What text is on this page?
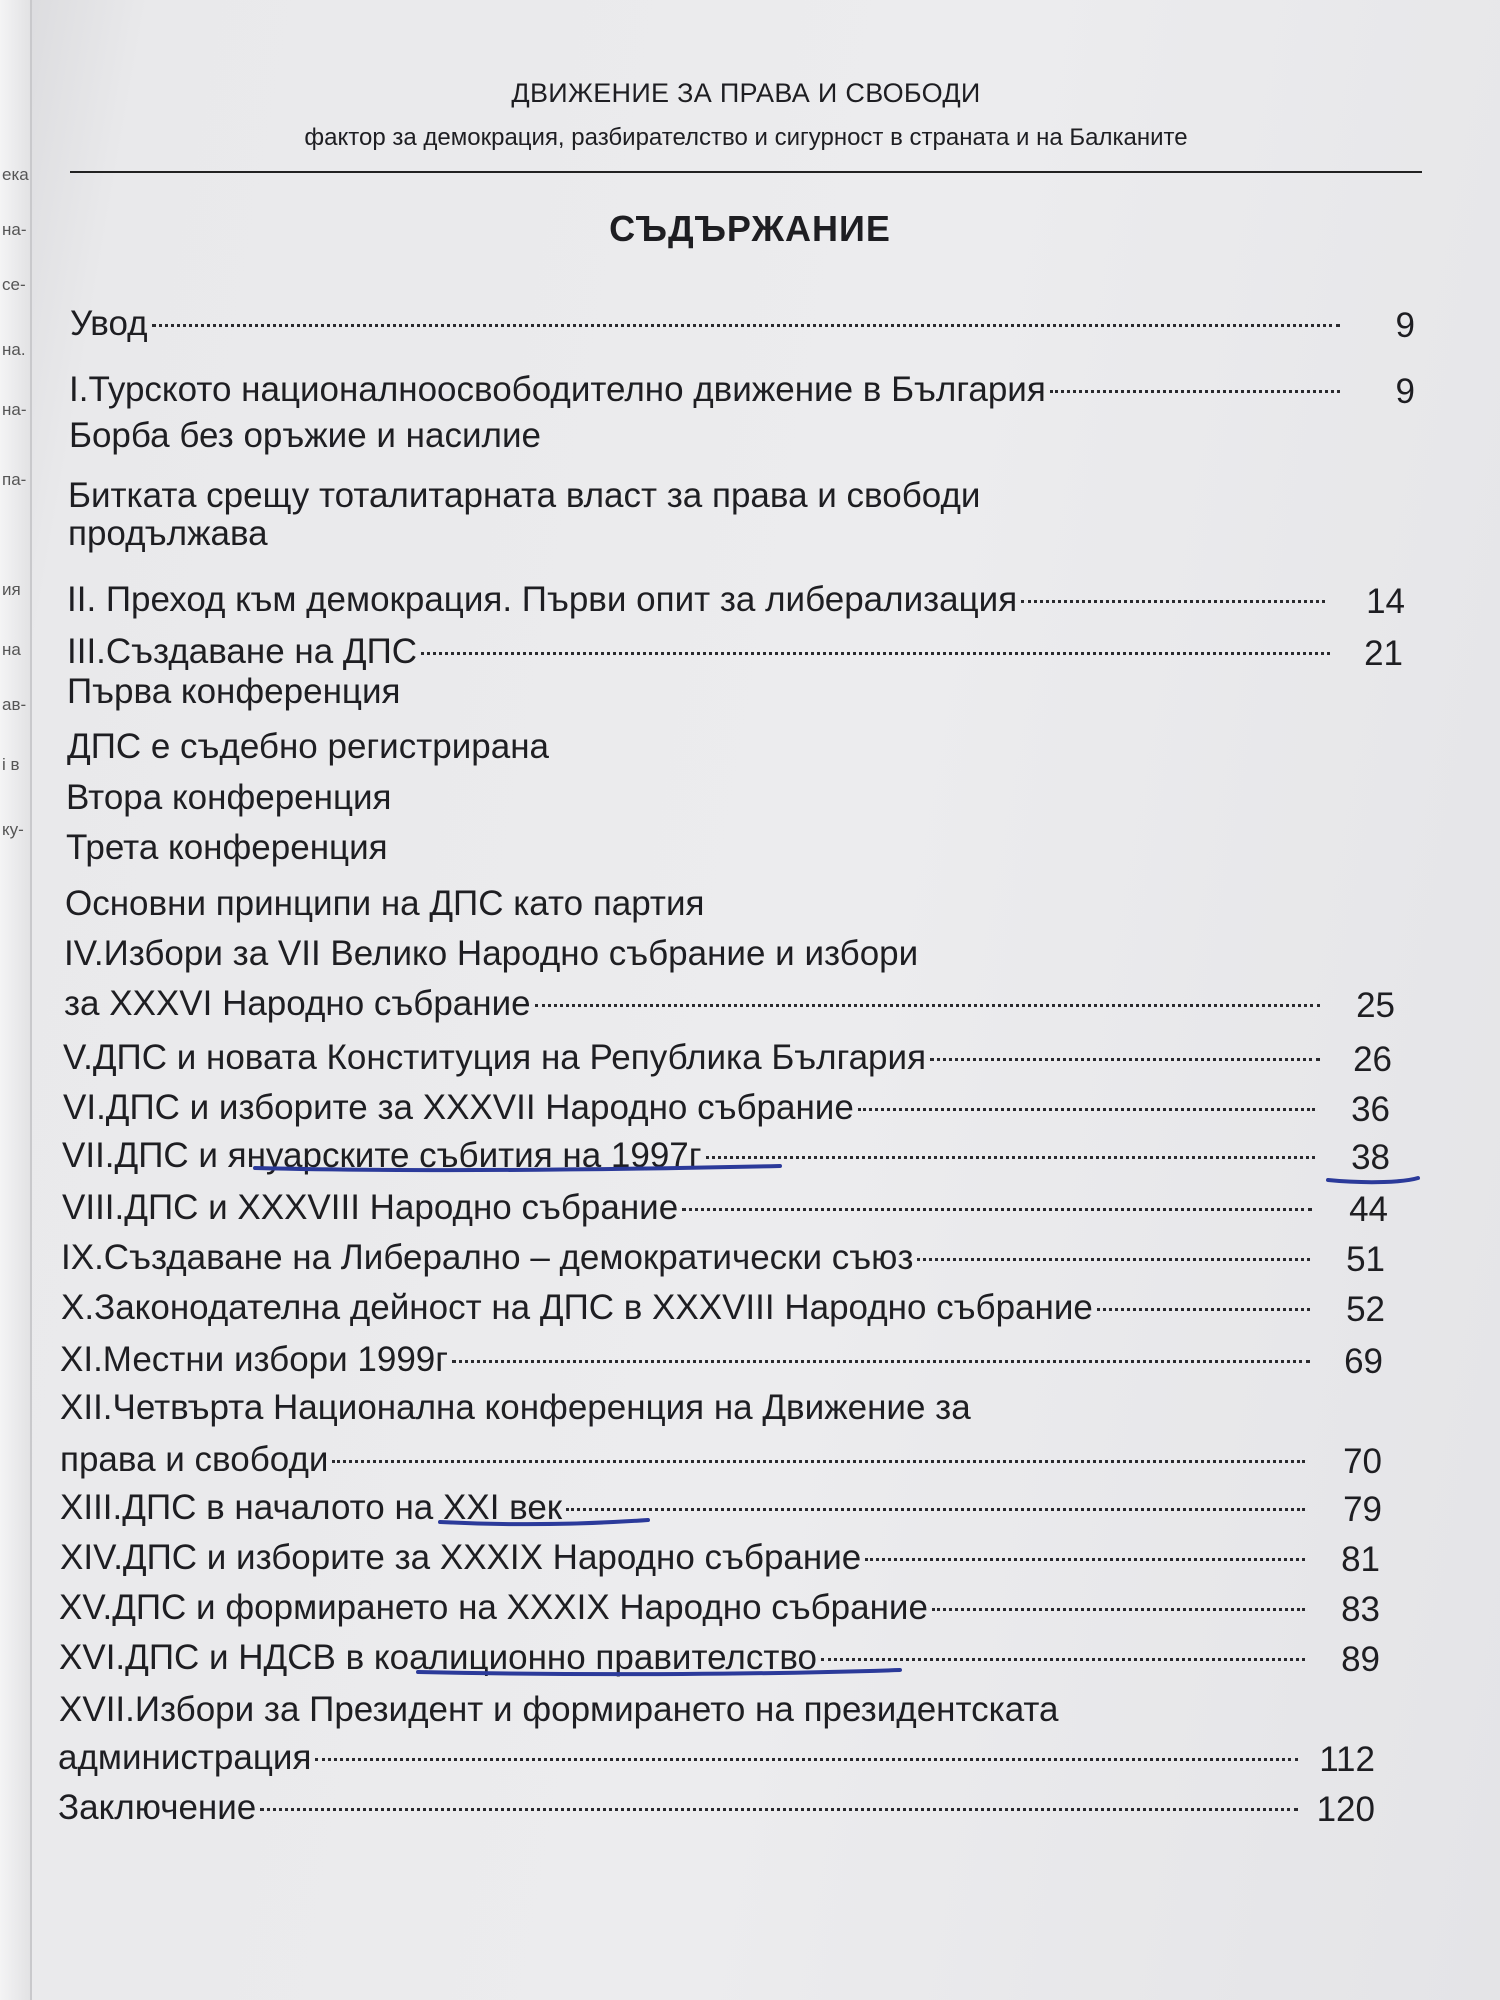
ека
на-
се-
на.
на-
па-
ия
на
ав-
і в
ку-
ДВИЖЕНИЕ ЗА ПРАВА И СВОБОДИ
фактор за демокрация, разбирателство и сигурност в страната и на Балканите
СЪДЪРЖАНИЕ
Увод	9
I.Турското националноосвободително движение в България	9
Борба без оръжие и насилие
Битката срещу тоталитарната власт за права и свободи
продължава
II. Преход към демокрация. Първи опит за либерализация	14
III.Създаване на ДПС	21
Първа конференция
ДПС е съдебно регистрирана
Втора конференция
Трета конференция
Основни принципи на ДПС като партия
IV.Избори за VII Велико Народно събрание и избори
за XXXVI Народно събрание	25
V.ДПС и новата Конституция на Република България	26
VI.ДПС и изборите за XXXVII Народно събрание	36
VII.ДПС и януарските събития на 1997г	38
VIII.ДПС и XXXVIII Народно събрание	44
IX.Създаване на Либерално – демократически съюз	51
X.Законодателна дейност на ДПС в XXXVIII Народно събрание	52
XI.Местни избори 1999г	69
XII.Четвърта Национална конференция на Движение за
права и свободи	70
XIII.ДПС в началото на XXI век	79
XIV.ДПС и изборите за XXXIX Народно събрание	81
XV.ДПС и формирането на XXXIX Народно събрание	83
XVI.ДПС и НДСВ в коалиционно правителство	89
XVII.Избори за Президент и формирането на президентската
администрация	112
Заключение	120
